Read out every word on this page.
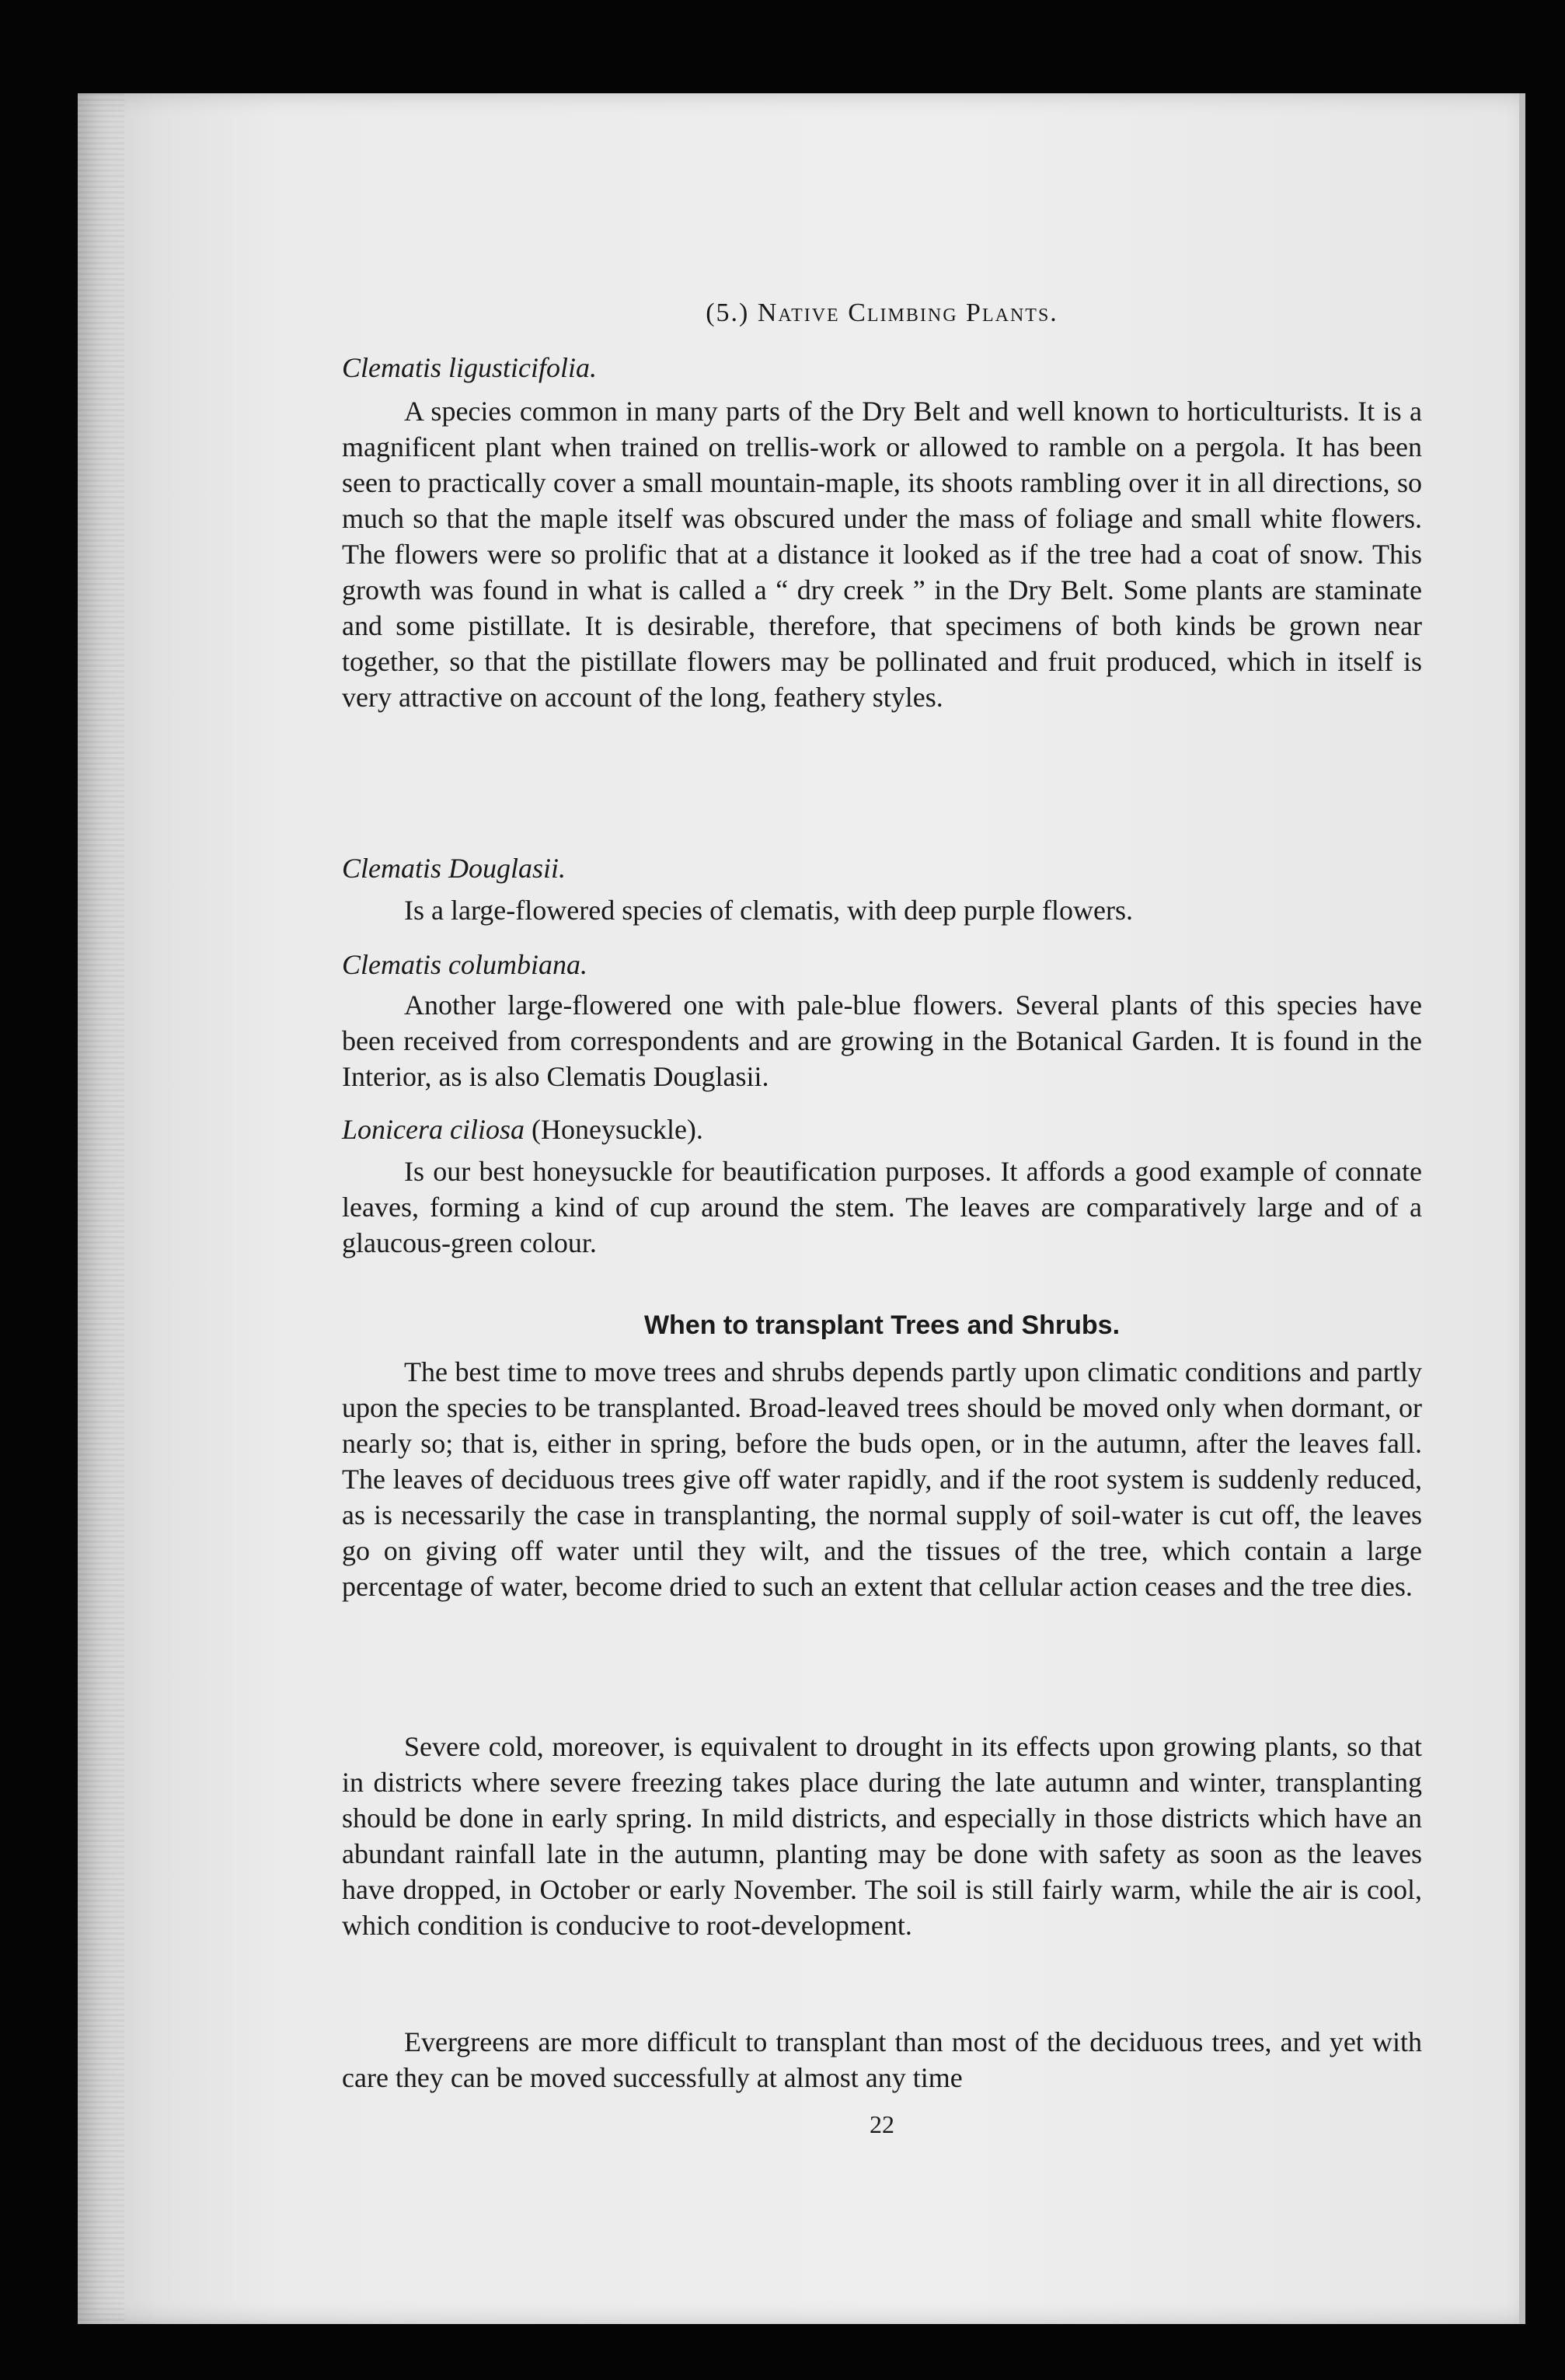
(5.) Native Climbing Plants.
Clematis ligusticifolia.
A species common in many parts of the Dry Belt and well known to horticulturists. It is a magnificent plant when trained on trellis-work or allowed to ramble on a pergola. It has been seen to practically cover a small mountain-maple, its shoots rambling over it in all directions, so much so that the maple itself was obscured under the mass of foliage and small white flowers. The flowers were so prolific that at a distance it looked as if the tree had a coat of snow. This growth was found in what is called a “ dry creek ” in the Dry Belt. Some plants are staminate and some pistillate. It is desirable, therefore, that specimens of both kinds be grown near together, so that the pistillate flowers may be pollinated and fruit produced, which in itself is very attractive on account of the long, feathery styles.
Clematis Douglasii.
Is a large-flowered species of clematis, with deep purple flowers.
Clematis columbiana.
Another large-flowered one with pale-blue flowers. Several plants of this species have been received from correspondents and are growing in the Botanical Garden. It is found in the Interior, as is also Clematis Douglasii.
Lonicera ciliosa (Honeysuckle).
Is our best honeysuckle for beautification purposes. It affords a good example of connate leaves, forming a kind of cup around the stem. The leaves are comparatively large and of a glaucous-green colour.
When to transplant Trees and Shrubs.
The best time to move trees and shrubs depends partly upon climatic conditions and partly upon the species to be transplanted. Broad-leaved trees should be moved only when dormant, or nearly so; that is, either in spring, before the buds open, or in the autumn, after the leaves fall. The leaves of deciduous trees give off water rapidly, and if the root system is suddenly reduced, as is necessarily the case in transplanting, the normal supply of soil-water is cut off, the leaves go on giving off water until they wilt, and the tissues of the tree, which contain a large percentage of water, become dried to such an extent that cellular action ceases and the tree dies.
Severe cold, moreover, is equivalent to drought in its effects upon growing plants, so that in districts where severe freezing takes place during the late autumn and winter, transplanting should be done in early spring. In mild districts, and especially in those districts which have an abundant rainfall late in the autumn, planting may be done with safety as soon as the leaves have dropped, in October or early November. The soil is still fairly warm, while the air is cool, which condition is conducive to root-development.
Evergreens are more difficult to transplant than most of the deciduous trees, and yet with care they can be moved successfully at almost any time
22
